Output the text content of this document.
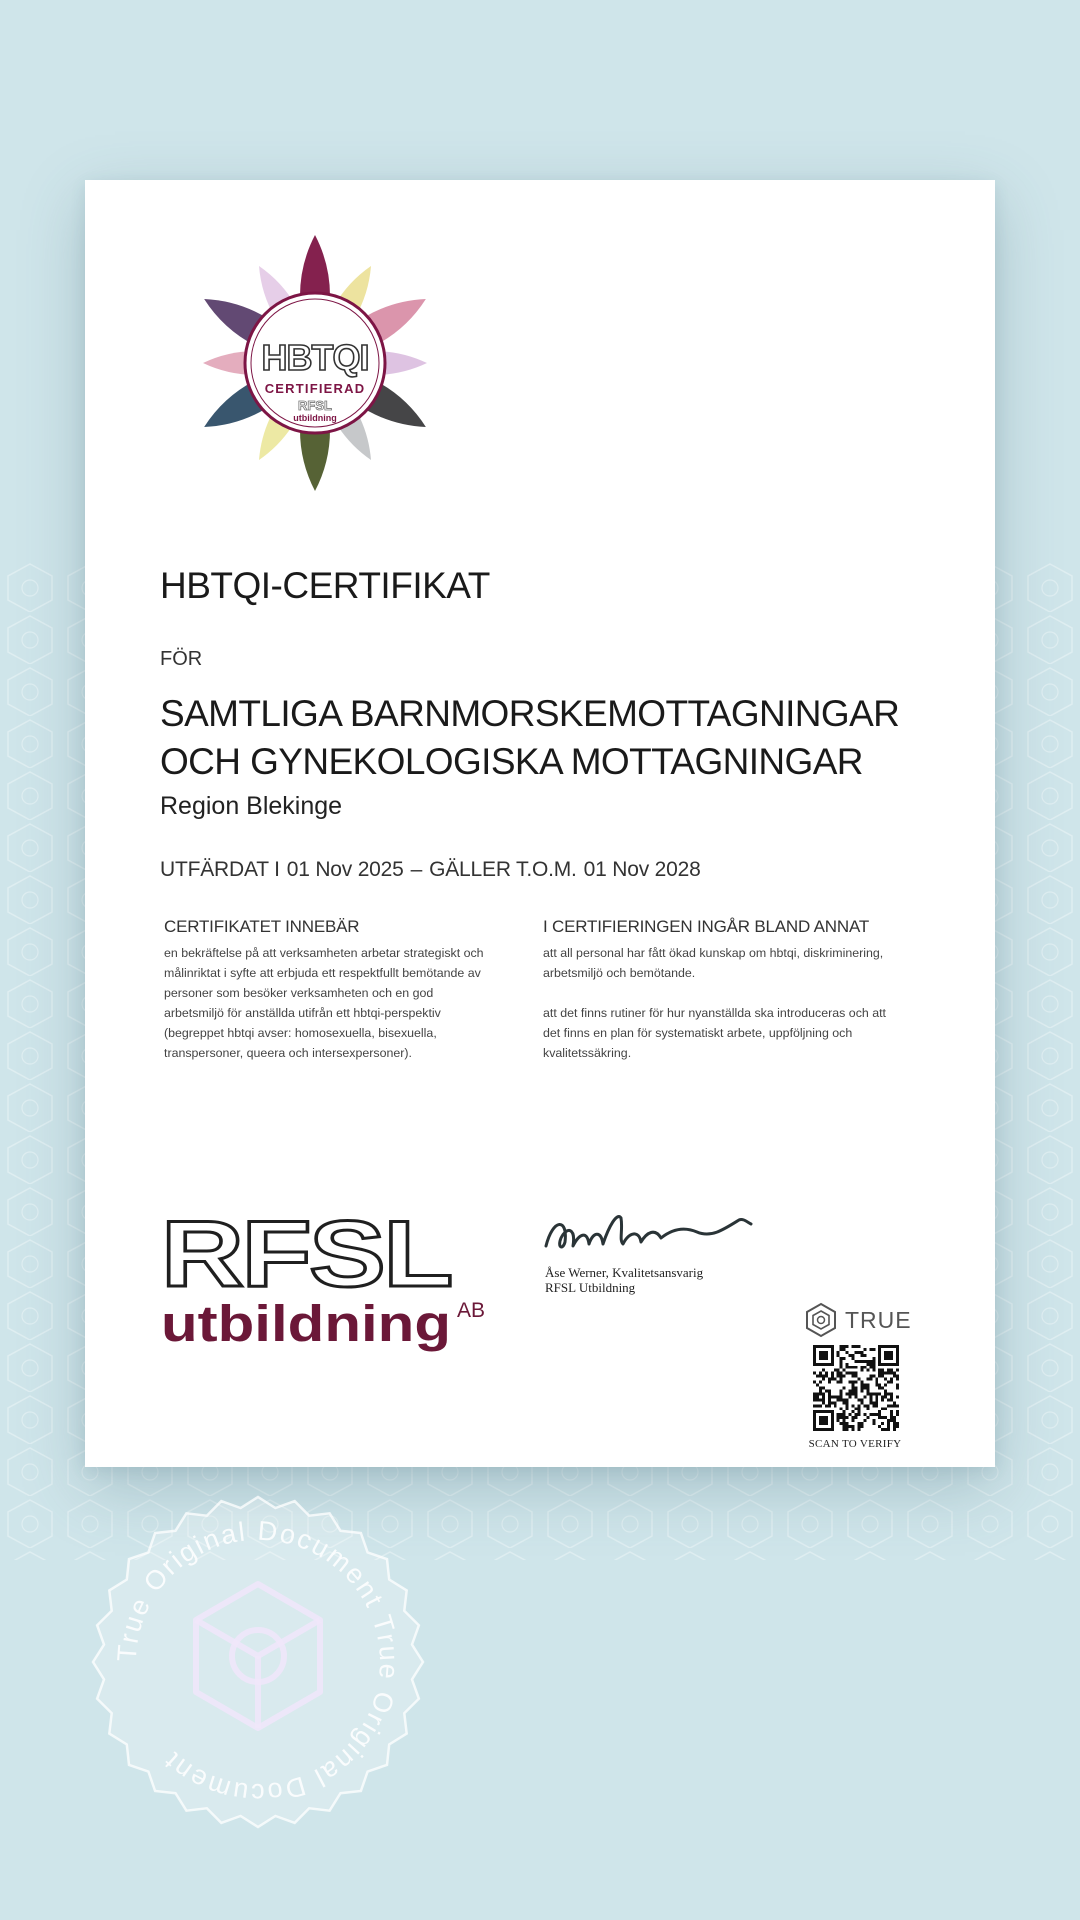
HBTQI
CERTIFIERAD
RFSL
utbildning
HBTQI-CERTIFIKAT
FÖR
SAMTLIGA BARNMORSKEMOTTAGNINGAR OCH GYNEKOLOGISKA MOTTAGNINGAR
Region Blekinge
UTFÄRDAT I 01 Nov 2025 – GÄLLER T.O.M. 01 Nov 2028
CERTIFIKATET INNEBÄR

en bekräftelse på att verksamheten arbetar strategiskt och målinriktat i syfte att erbjuda ett respektfullt bemötande av personer som besöker verksamheten och en god arbetsmiljö för anställda utifrån ett hbtqi-perspektiv (begreppet hbtqi avser: homosexuella, bisexuella, transpersoner, queera och intersexpersoner).

I CERTIFIERINGEN INGÅR BLAND ANNAT

att all personal har fått ökad kunskap om hbtqi, diskriminering, arbetsmiljö och bemötande.

att det finns rutiner för hur nyanställda ska introduceras och att det finns en plan för systematiskt arbete, uppföljning och kvalitetssäkring.

RFSL
utbildning AB
Åse Werner, Kvalitetsansvarig
RFSL Utbildning
TRUE
SCAN TO VERIFY
True Original Document True Original Document
